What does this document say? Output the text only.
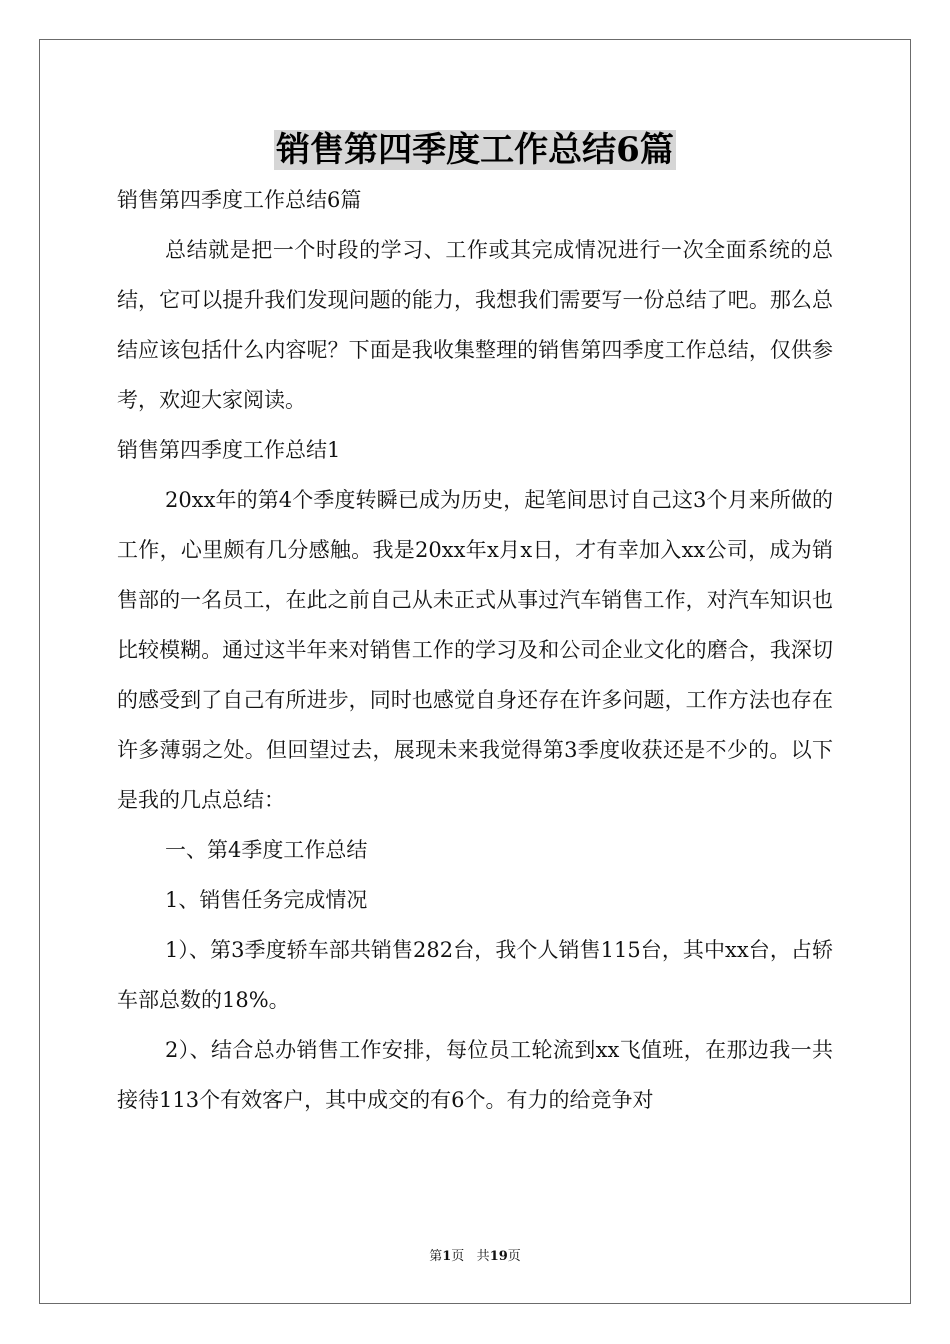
销售第四季度工作总结6篇

销售第四季度工作总结6篇

总结就是把一个时段的学习、工作或其完成情况进行一次全面系统的总结，它可以提升我们发现问题的能力，我想我们需要写一份总结了吧。那么总结应该包括什么内容呢？下面是我收集整理的销售第四季度工作总结，仅供参考，欢迎大家阅读。

销售第四季度工作总结1

20xx年的第4个季度转瞬已成为历史，起笔间思讨自己这3个月来所做的工作，心里颇有几分感触。我是20xx年x月x日，才有幸加入xx公司，成为销售部的一名员工，在此之前自己从未正式从事过汽车销售工作，对汽车知识也比较模糊。通过这半年来对销售工作的学习及和公司企业文化的磨合，我深切的感受到了自己有所进步，同时也感觉自身还存在许多问题，工作方法也存在许多薄弱之处。但回望过去，展现未来我觉得第3季度收获还是不少的。以下是我的几点总结：

一、第4季度工作总结

1、销售任务完成情况

1）、第3季度轿车部共销售282台，我个人销售115台，其中xx台，占轿车部总数的18%。

2）、结合总办销售工作安排，每位员工轮流到xx飞值班，在那边我一共接待113个有效客户，其中成交的有6个。有力的给竞争对

第1页 共19页
